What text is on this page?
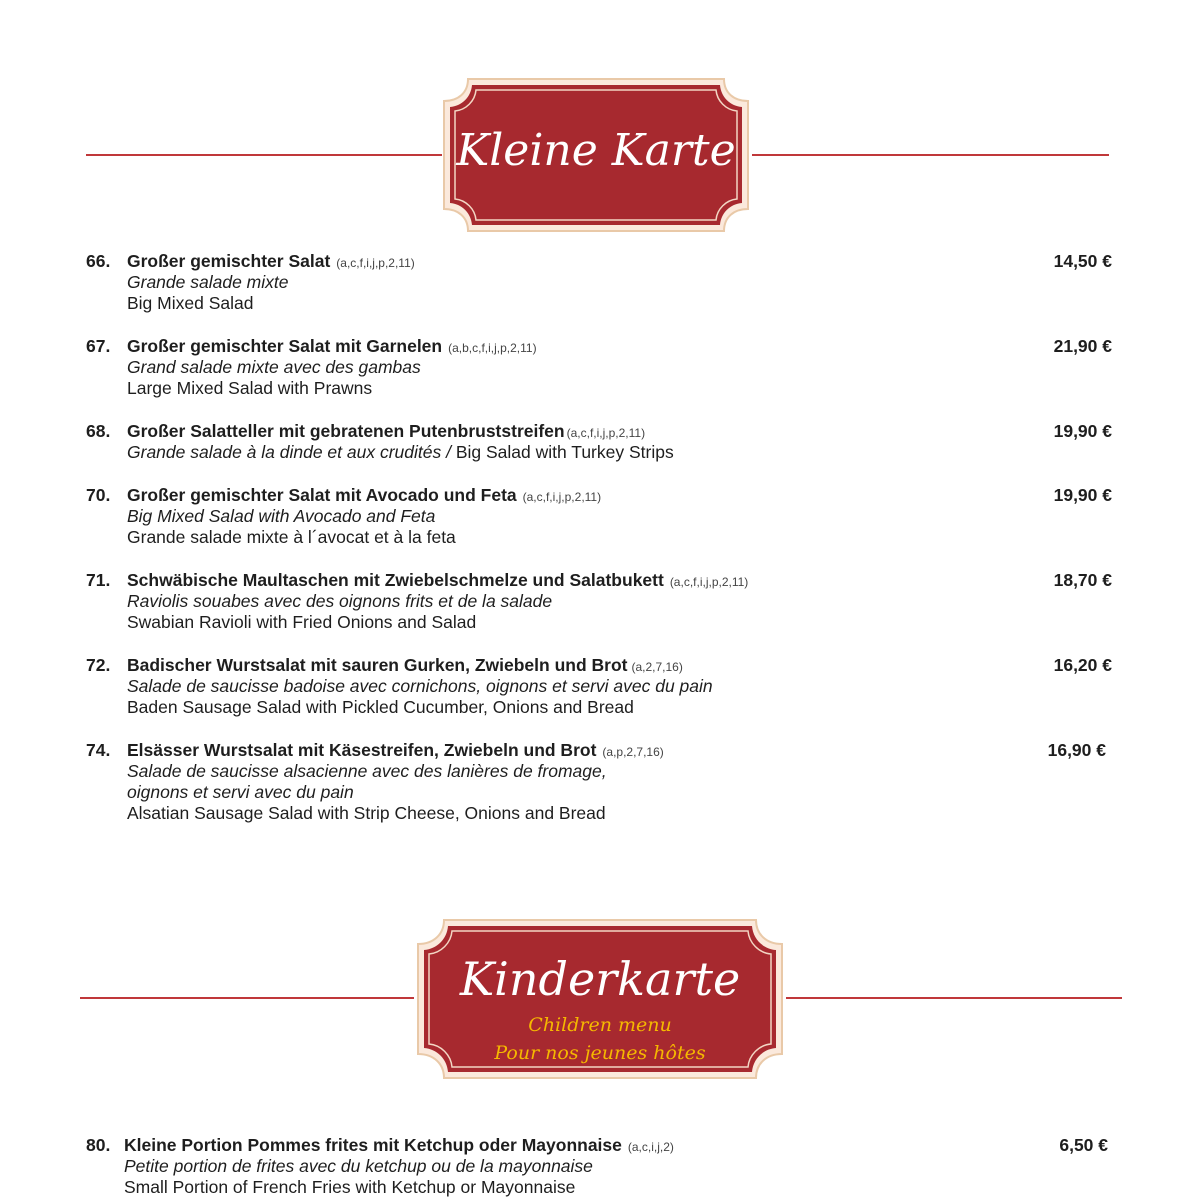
Kleine Karte
66. Großer gemischter Salat (a,c,f,i,j,p,2,11)	14,50 €
Grande salade mixte
Big Mixed Salad
67. Großer gemischter Salat mit Garnelen (a,b,c,f,i,j,p,2,11)	21,90 €
Grand salade mixte avec des gambas
Large Mixed Salad with Prawns
68. Großer Salatteller mit gebratenen Putenbruststreifen (a,c,f,i,j,p,2,11)	19,90 €
Grande salade à la dinde et aux crudités / Big Salad with Turkey Strips
70. Großer gemischter Salat mit Avocado und Feta (a,c,f,i,j,p,2,11)	19,90 €
Big Mixed Salad with Avocado and Feta
Grande salade mixte à l´avocat et à la feta
71. Schwäbische Maultaschen mit Zwiebelschmelze und Salatbukett (a,c,f,i,j,p,2,11)	18,70 €
Raviolis souabes avec des oignons frits et de la salade
Swabian Ravioli with Fried Onions and Salad
72. Badischer Wurstsalat mit sauren Gurken, Zwiebeln und Brot (a,2,7,16)	16,20 €
Salade de saucisse badoise avec cornichons, oignons et servi avec du pain
Baden Sausage Salad with Pickled Cucumber, Onions and Bread
74. Elsässer Wurstsalat mit Käsestreifen, Zwiebeln und Brot (a,p,2,7,16)	16,90 €
Salade de saucisse alsacienne avec des lanières de fromage,
oignons et servi avec du pain
Alsatian Sausage Salad with Strip Cheese, Onions and Bread
Kinderkarte
Children menu
Pour nos jeunes hôtes
80. Kleine Portion Pommes frites mit Ketchup oder Mayonnaise (a,c,i,j,2)	6,50 €
Petite portion de frites avec du ketchup ou de la mayonnaise
Small Portion of French Fries with Ketchup or Mayonnaise
